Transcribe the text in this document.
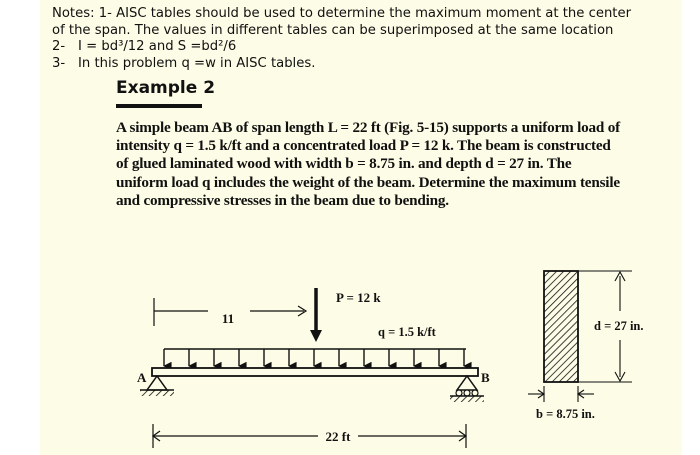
Notes: 1- AISC tables should be used to determine the maximum moment at the center
of the span. The values in different tables can be superimposed at the same location
2- I = bd³/12 and S =bd²/6
3- In this problem q =w in AISC tables.
Example 2
A simple beam AB of span length L = 22 ft (Fig. 5-15) supports a uniform load of
intensity q = 1.5 k/ft and a concentrated load P = 12 k. The beam is constructed
of glued laminated wood with width b = 8.75 in. and depth d = 27 in. The
uniform load q includes the weight of the beam. Determine the maximum tensile
and compressive stresses in the beam due to bending.
11
P = 12 k
q = 1.5 k/ft
A	B
22 ft
d = 27 in.
b = 8.75 in.
